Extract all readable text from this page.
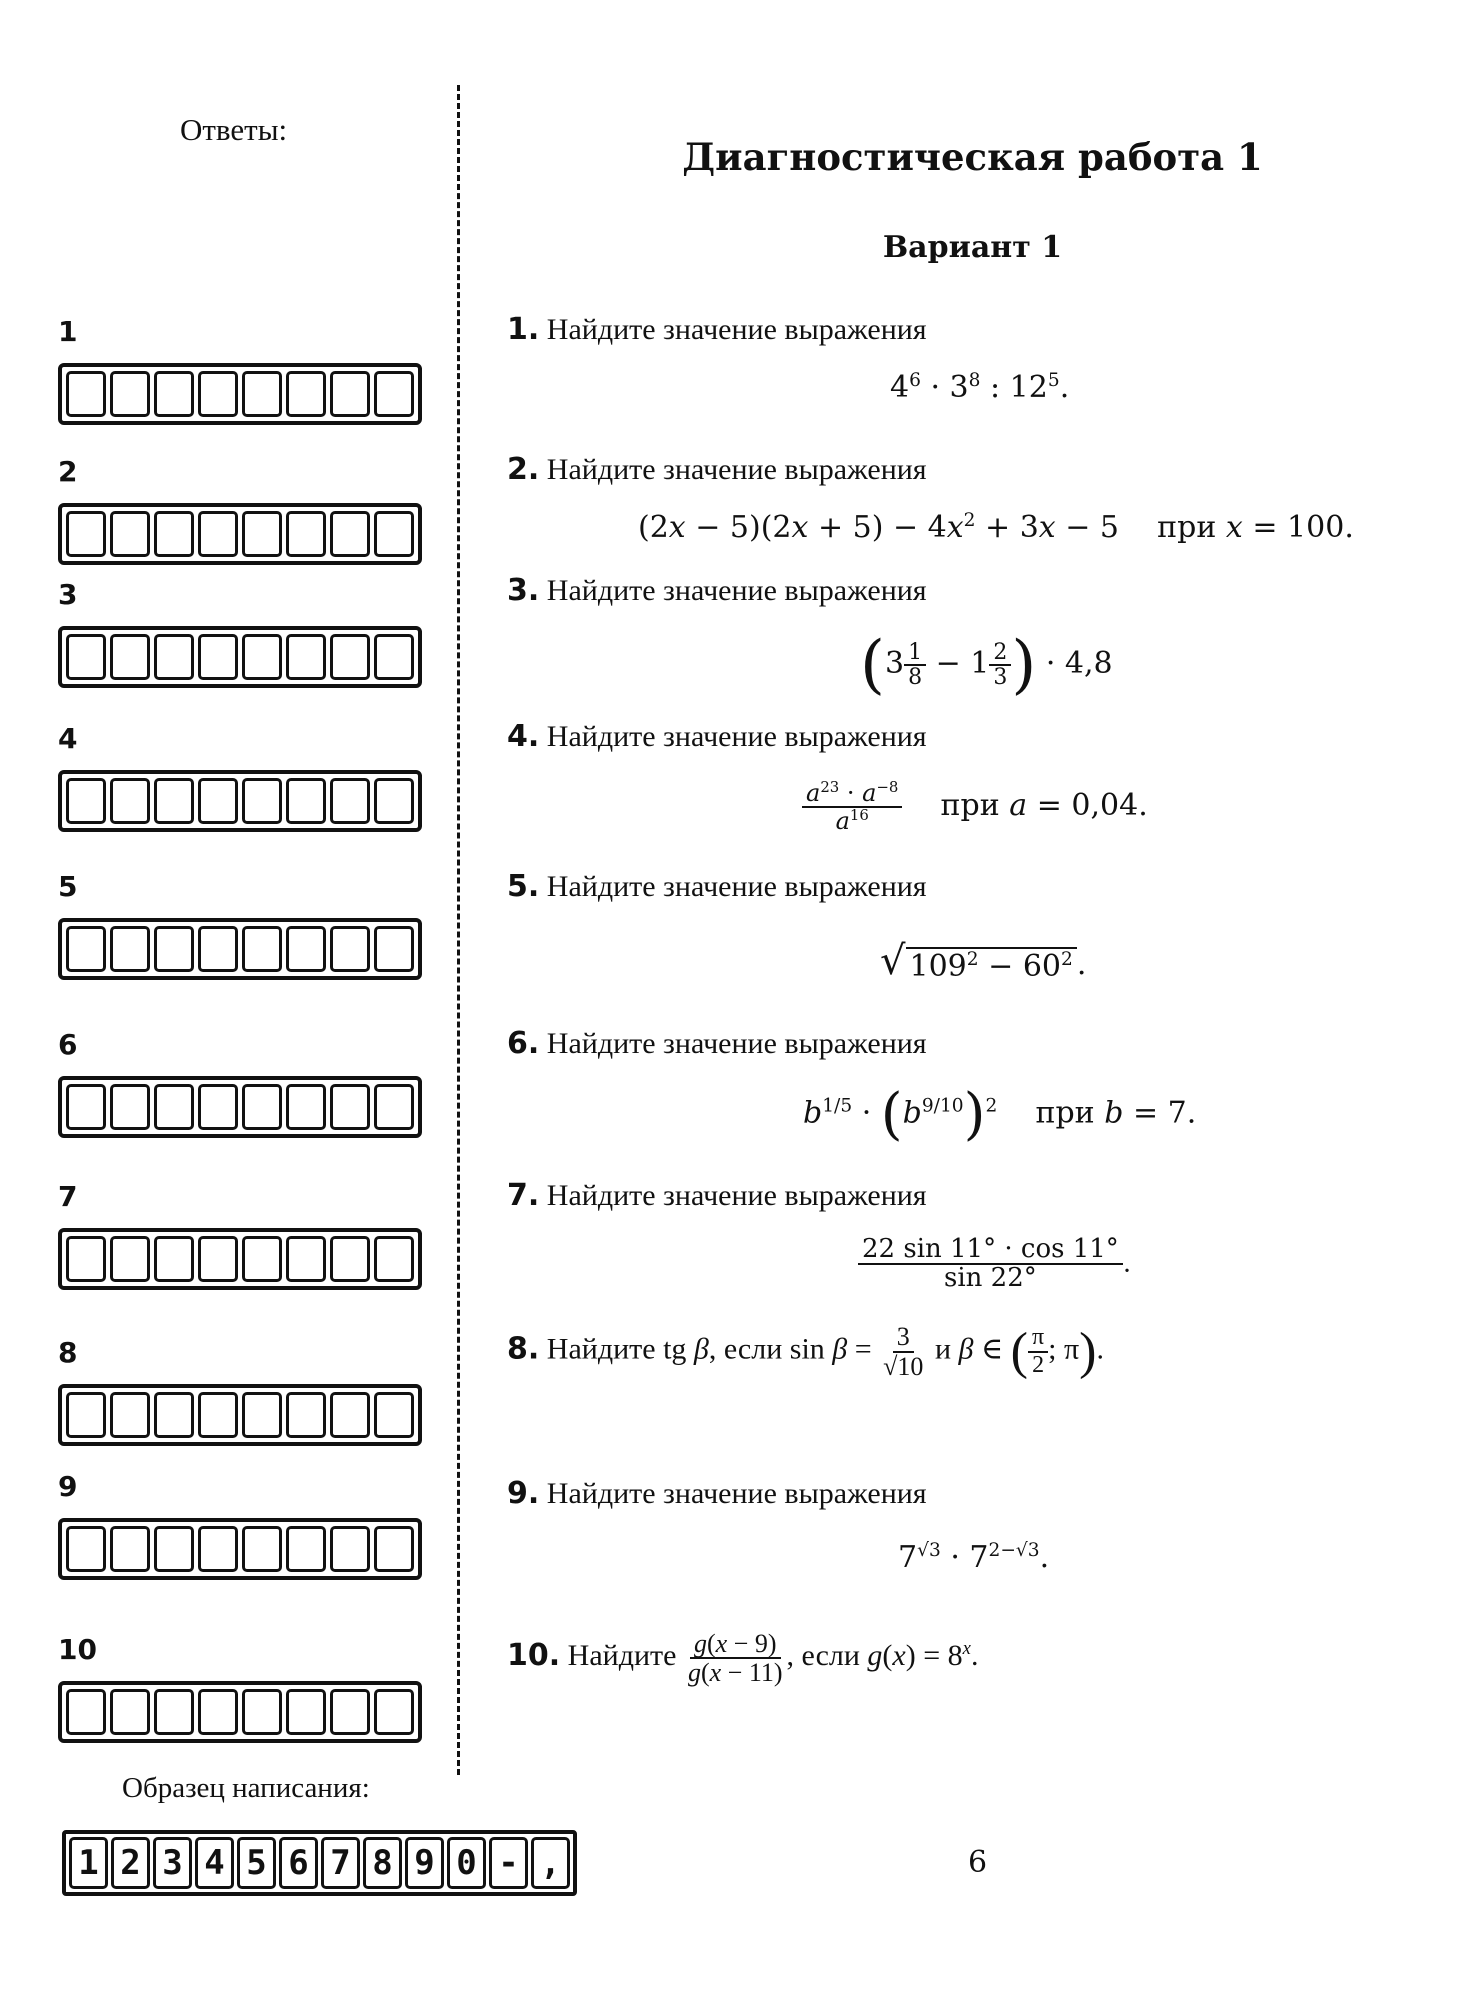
Ответы:
1
2
3
4
5
6
7
8
9
10
Образец написания:
1 2 3 4 5 6 7 8 9 0 - ,
Диагностическая работа 1
Вариант 1
1. Найдите значение выражения
$4^6 \cdot 3^8$ : $12^5$.
2. Найдите значение выражения
$(2x - 5)(2x + 5) - 4x^2 + 3x - 5$    при x = 100.
3. Найдите значение выражения
($3 \frac{1}{8} - 1 \frac{2}{3}$ ) · 4,8
4. Найдите значение выражения
$\frac{a^{23} \cdot a^{-8}}{a^{16}}$ при a = 0,04.
5. Найдите значение выражения
√ $109^2 - 60^2$ .
6. Найдите значение выражения
$b^{1/5} \cdot (b^{9/10})^2$ при b = 7.
7. Найдите значение выражения
$\frac{22 \sin 11^\circ \cdot \cos 11^\circ}{\sin 22^\circ}$ .
8. Найдите tg β, если $\sin \beta = \frac{3}{√10}$ и β ∈ ( $\frac{\pi}{2}$ ; π).
9. Найдите значение выражения
$7^{√3} \cdot 7^{2-√3}$.
10. Найдите $\frac{g(x - 9)}{g(x - 11)}$ , если $g(x) = 8^x$.
6
